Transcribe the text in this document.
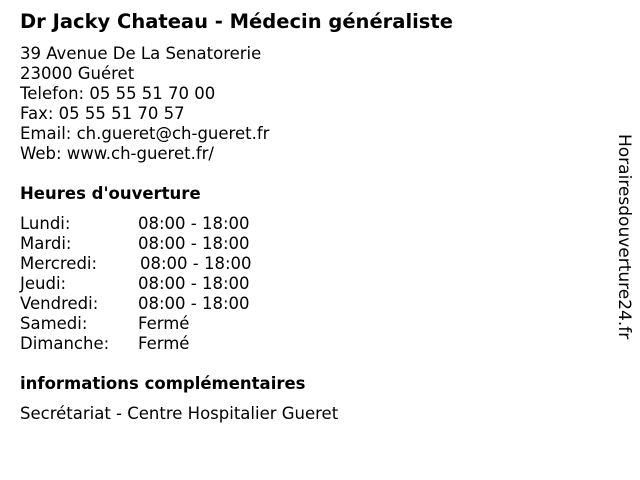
Dr Jacky Chateau - Médecin généraliste
39 Avenue De La Senatorerie
23000 Guéret
Telefon: 05 55 51 70 00
Fax: 05 55 51 70 57
Email: ch.gueret@ch-gueret.fr
Web: www.ch-gueret.fr/
Heures d'ouverture
Lundi:	08:00 - 18:00
Mardi:	08:00 - 18:00
Mercredi:	08:00 - 18:00
Jeudi:	08:00 - 18:00
Vendredi: 08:00 - 18:00
Samedi:	Fermé
Dimanche: Fermé
informations complémentaires
Secrétariat - Centre Hospitalier Gueret
Horairesdouverture24.fr
